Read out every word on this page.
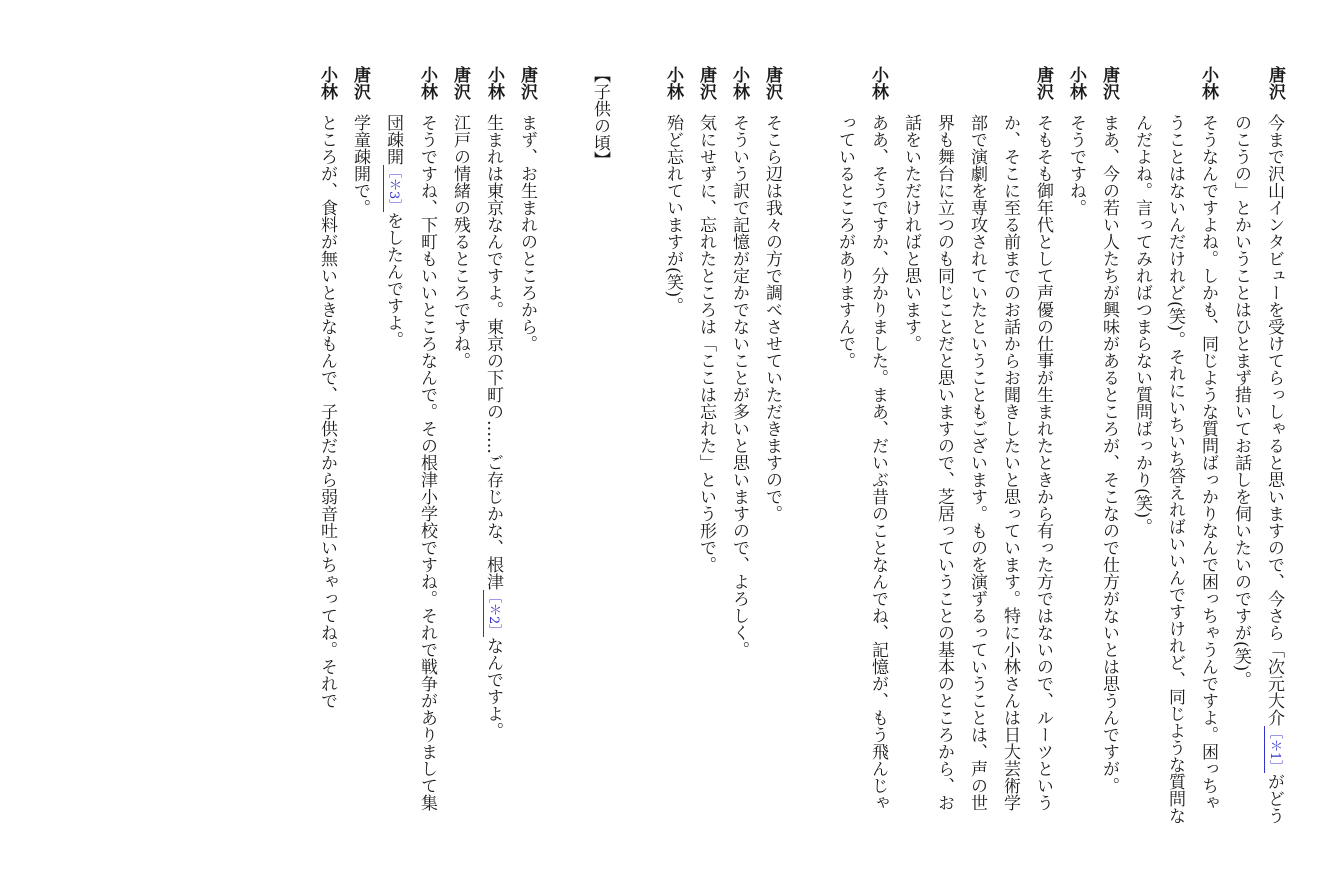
唐沢
今まで沢山インタビューを受けてらっしゃると思いますので、今さら「次元大介［＊1］がどうのこうの」とかいうことはひとまず措いてお話しを伺いたいのですが(笑)。
小林
そうなんですよね。しかも、同じような質問ばっかりなんで困っちゃうんですよ。困っちゃうことはないんだけれど(笑)。それにいちいち答えればいいんですけれど、同じような質問なんだよね。言ってみればつまらない質問ばっかり(笑)。
唐沢
まあ、今の若い人たちが興味があるところが、そこなので仕方がないとは思うんですが。
小林
そうですね。
唐沢
そもそも御年代として声優の仕事が生まれたときから有った方ではないので、ルーツというか、そこに至る前までのお話からお聞きしたいと思っています。特に小林さんは日大芸術学部で演劇を専攻されていたということもございます。ものを演ずるっていうことは、声の世界も舞台に立つのも同じことだと思いますので、芝居っていうことの基本のところから、お話をいただければと思います。
小林
ああ、そうですか、分かりました。まあ、だいぶ昔のことなんでね、記憶が、もう飛んじゃっているところがありますんで。
唐沢
そこら辺は我々の方で調べさせていただきますので。
小林
そういう訳で記憶が定かでないことが多いと思いますので、よろしく。
唐沢
気にせずに、忘れたところは「ここは忘れた」という形で。
小林
殆ど忘れていますが(笑)。
【子供の頃】
唐沢
まず、お生まれのところから。
小林
生まれは東京なんですよ。東京の下町の……ご存じかな、根津［＊2］なんですよ。
唐沢
江戸の情緒の残るところですね。
小林
そうですね、下町もいいところなんで。その根津小学校ですね。それで戦争がありまして集団疎開［＊3］をしたんですよ。
唐沢
学童疎開で。
小林
ところが、食料が無いときなもんで、子供だから弱音吐いちゃってね。それで
